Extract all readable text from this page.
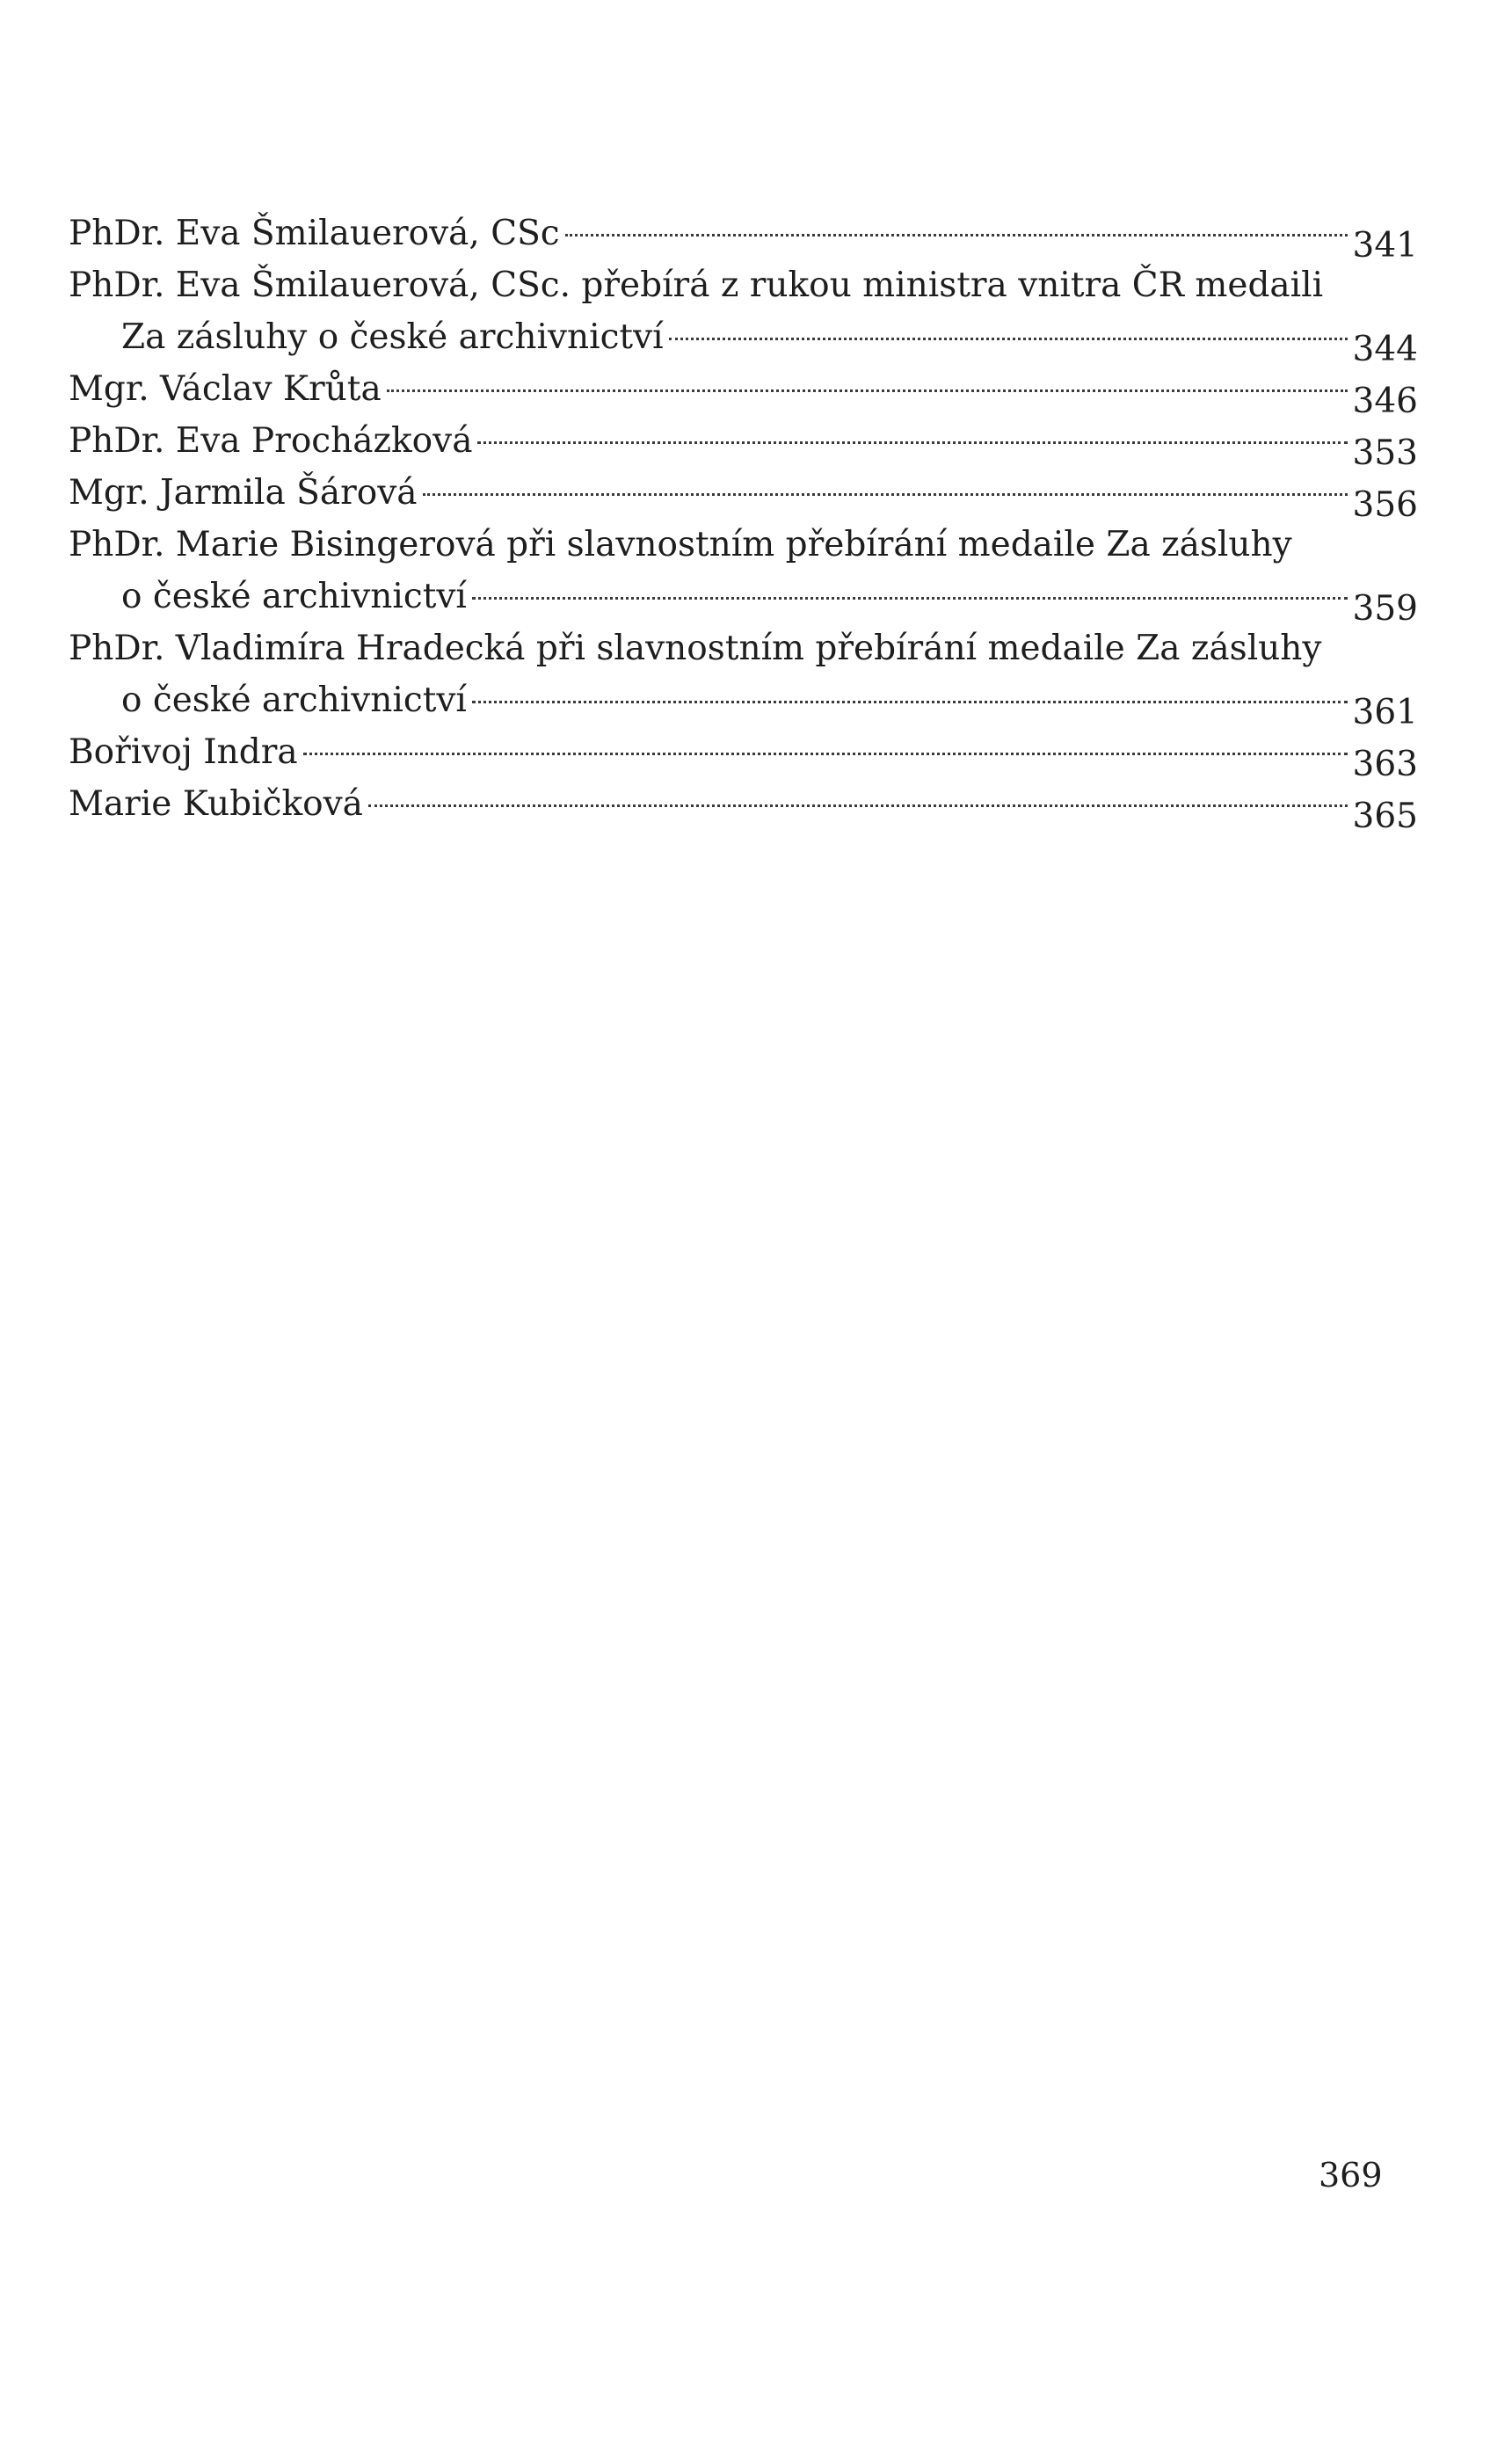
PhDr. Eva Šmilauerová, CSc	341
PhDr. Eva Šmilauerová, CSc. přebírá z rukou ministra vnitra ČR medaili
Za zásluhy o české archivnictví	344
Mgr. Václav Krůta	346
PhDr. Eva Procházková	353
Mgr. Jarmila Šárová	356
PhDr. Marie Bisingerová při slavnostním přebírání medaile Za zásluhy
o české archivnictví	359
PhDr. Vladimíra Hradecká při slavnostním přebírání medaile Za zásluhy
o české archivnictví	361
Bořivoj Indra	363
Marie Kubičková	365
369
